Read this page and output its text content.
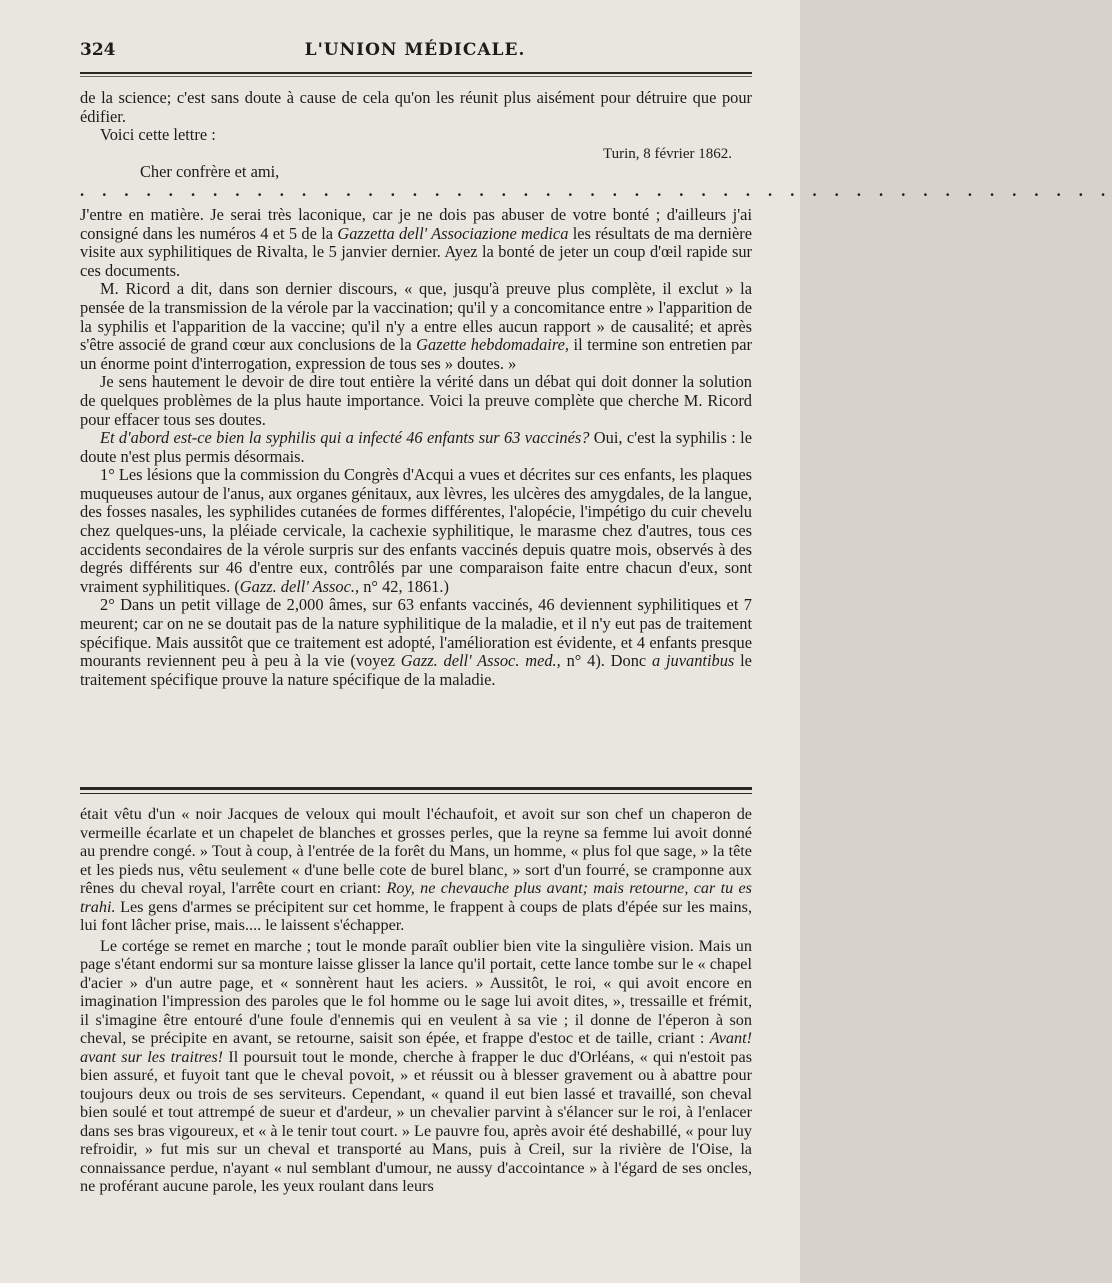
324	L'UNION MÉDICALE.

de la science; c'est sans doute à cause de cela qu'on les réunit plus aisément pour détruire que pour édifier.

Voici cette lettre :

Turin, 8 février 1862.

Cher confrère et ami,

. . . . . . . . . . . . . . . . . . . . . . . . . . . . . . . . . . . . . . . . . . . . . . .

J'entre en matière. Je serai très laconique, car je ne dois pas abuser de votre bonté ; d'ailleurs j'ai consigné dans les numéros 4 et 5 de la Gazzetta dell' Associazione medica les résultats de ma dernière visite aux syphilitiques de Rivalta, le 5 janvier dernier. Ayez la bonté de jeter un coup d'œil rapide sur ces documents.

M. Ricord a dit, dans son dernier discours, « que, jusqu'à preuve plus complète, il exclut » la pensée de la transmission de la vérole par la vaccination; qu'il y a concomitance entre » l'apparition de la syphilis et l'apparition de la vaccine; qu'il n'y a entre elles aucun rapport » de causalité; et après s'être associé de grand cœur aux conclusions de la Gazette hebdomadaire, il termine son entretien par un énorme point d'interrogation, expression de tous ses » doutes. »

Je sens hautement le devoir de dire tout entière la vérité dans un débat qui doit donner la solution de quelques problèmes de la plus haute importance. Voici la preuve complète que cherche M. Ricord pour effacer tous ses doutes.

Et d'abord est-ce bien la syphilis qui a infecté 46 enfants sur 63 vaccinés? Oui, c'est la syphilis : le doute n'est plus permis désormais.

1° Les lésions que la commission du Congrès d'Acqui a vues et décrites sur ces enfants, les plaques muqueuses autour de l'anus, aux organes génitaux, aux lèvres, les ulcères des amygdales, de la langue, des fosses nasales, les syphilides cutanées de formes différentes, l'alopécie, l'impétigo du cuir chevelu chez quelques-uns, la pléiade cervicale, la cachexie syphilitique, le marasme chez d'autres, tous ces accidents secondaires de la vérole surpris sur des enfants vaccinés depuis quatre mois, observés à des degrés différents sur 46 d'entre eux, contrôlés par une comparaison faite entre chacun d'eux, sont vraiment syphilitiques. (Gazz. dell' Assoc., n° 42, 1861.)

2° Dans un petit village de 2,000 âmes, sur 63 enfants vaccinés, 46 deviennent syphilitiques et 7 meurent; car on ne se doutait pas de la nature syphilitique de la maladie, et il n'y eut pas de traitement spécifique. Mais aussitôt que ce traitement est adopté, l'amélioration est évidente, et 4 enfants presque mourants reviennent peu à peu à la vie (voyez Gazz. dell' Assoc. med., n° 4). Donc a juvantibus le traitement spécifique prouve la nature spécifique de la maladie.

était vêtu d'un « noir Jacques de veloux qui moult l'échaufoit, et avoit sur son chef un chaperon de vermeille écarlate et un chapelet de blanches et grosses perles, que la reyne sa femme lui avoit donné au prendre congé. » Tout à coup, à l'entrée de la forêt du Mans, un homme, « plus fol que sage, » la tête et les pieds nus, vêtu seulement « d'une belle cote de burel blanc, » sort d'un fourré, se cramponne aux rênes du cheval royal, l'arrête court en criant: Roy, ne chevauche plus avant; mais retourne, car tu es trahi. Les gens d'armes se précipitent sur cet homme, le frappent à coups de plats d'épée sur les mains, lui font lâcher prise, mais.... le laissent s'échapper.

Le cortége se remet en marche ; tout le monde paraît oublier bien vite la singulière vision. Mais un page s'étant endormi sur sa monture laisse glisser la lance qu'il portait, cette lance tombe sur le « chapel d'acier » d'un autre page, et « sonnèrent haut les aciers. » Aussitôt, le roi, « qui avoit encore en imagination l'impression des paroles que le fol homme ou le sage lui avoit dites, », tressaille et frémit, il s'imagine être entouré d'une foule d'ennemis qui en veulent à sa vie ; il donne de l'éperon à son cheval, se précipite en avant, se retourne, saisit son épée, et frappe d'estoc et de taille, criant : Avant! avant sur les traitres! Il poursuit tout le monde, cherche à frapper le duc d'Orléans, « qui n'estoit pas bien assuré, et fuyoit tant que le cheval povoit, » et réussit ou à blesser gravement ou à abattre pour toujours deux ou trois de ses serviteurs. Cependant, « quand il eut bien lassé et travaillé, son cheval bien soulé et tout attrempé de sueur et d'ardeur, » un chevalier parvint à s'élancer sur le roi, à l'enlacer dans ses bras vigoureux, et « à le tenir tout court. » Le pauvre fou, après avoir été deshabillé, « pour luy refroidir, » fut mis sur un cheval et transporté au Mans, puis à Creil, sur la rivière de l'Oise, la connaissance perdue, n'ayant « nul semblant d'umour, ne aussy d'accointance » à l'égard de ses oncles, ne proférant aucune parole, les yeux roulant dans leurs
